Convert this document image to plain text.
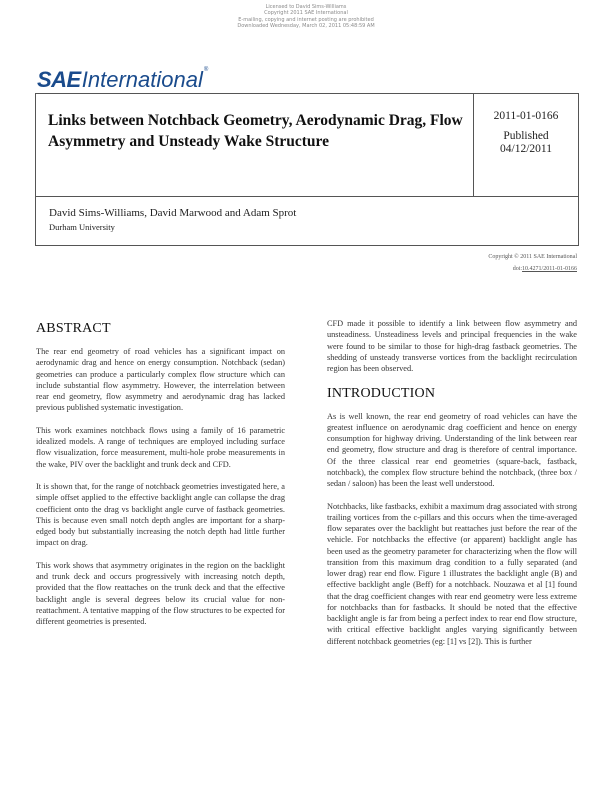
Licensed to David Sims-Williams
Copyright 2011 SAE International
E-mailing, copying and internet posting are prohibited
Downloaded Wednesday, March 02, 2011 05:48:59 AM
SAE International ®
Links between Notchback Geometry, Aerodynamic Drag, Flow Asymmetry and Unsteady Wake Structure
2011-01-0166
Published
04/12/2011
David Sims-Williams, David Marwood and Adam Sprot
Durham University
Copyright © 2011 SAE International
doi:10.4271/2011-01-0166
ABSTRACT

The rear end geometry of road vehicles has a significant impact on aerodynamic drag and hence on energy consumption. Notchback (sedan) geometries can produce a particularly complex flow structure which can include substantial flow asymmetry. However, the interrelation between rear end geometry, flow asymmetry and aerodynamic drag has lacked previous published systematic investigation.

This work examines notchback flows using a family of 16 parametric idealized models. A range of techniques are employed including surface flow visualization, force measurement, multi-hole probe measurements in the wake, PIV over the backlight and trunk deck and CFD.

It is shown that, for the range of notchback geometries investigated here, a simple offset applied to the effective backlight angle can collapse the drag coefficient onto the drag vs backlight angle curve of fastback geometries. This is because even small notch depth angles are important for a sharp-edged body but substantially increasing the notch depth had little further impact on drag.

This work shows that asymmetry originates in the region on the backlight and trunk deck and occurs progressively with increasing notch depth, provided that the flow reattaches on the trunk deck and that the effective backlight angle is several degrees below its crucial value for non-reattachment. A tentative mapping of the flow structures to be expected for different geometries is presented.

CFD made it possible to identify a link between flow asymmetry and unsteadiness. Unsteadiness levels and principal frequencies in the wake were found to be similar to those for high-drag fastback geometries. The shedding of unsteady transverse vortices from the backlight recirculation region has been observed.

INTRODUCTION

As is well known, the rear end geometry of road vehicles can have the greatest influence on aerodynamic drag coefficient and hence on energy consumption for highway driving. Understanding of the link between rear end geometry, flow structure and drag is therefore of central importance. Of the three classical rear end geometries (square-back, fastback, notchback), the complex flow structure behind the notchback, (three box / sedan / saloon) has been the least well understood.

Notchbacks, like fastbacks, exhibit a maximum drag associated with strong trailing vortices from the c-pillars and this occurs when the time-averaged flow separates over the backlight but reattaches just before the rear of the vehicle. For notchbacks the effective (or apparent) backlight angle has been used as the geometry parameter for characterizing when the flow will transition from this maximum drag condition to a fully separated (and lower drag) rear end flow. Figure 1 illustrates the backlight angle (B) and effective backlight angle (Beff) for a notchback. Nouzawa et al [1] found that the drag coefficient changes with rear end geometry were less extreme for notchbacks than for fastbacks. It should be noted that the effective backlight angle is far from being a perfect index to rear end flow structure, with critical effective backlight angles varying significantly between different notchback geometries (eg: [1] vs [2]). This is further
